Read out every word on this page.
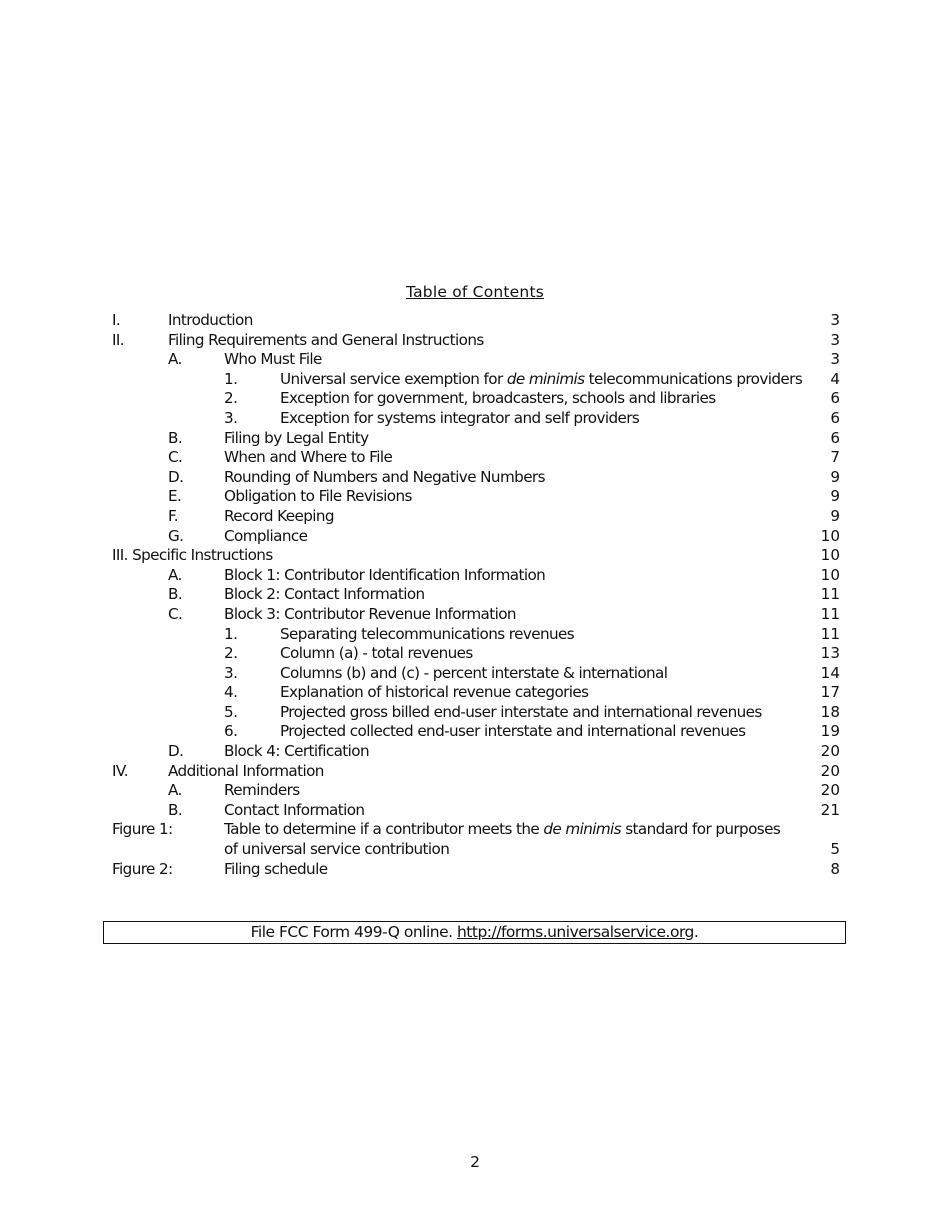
Table of Contents
I.	Introduction	3
II.	Filing Requirements and General Instructions	3
A.	Who Must File	3
1.	Universal service exemption for de minimis telecommunications providers 4
2.	Exception for government, broadcasters, schools and libraries	6
3.	Exception for systems integrator and self providers	6
B.	Filing by Legal Entity	6
C.	When and Where to File	7
D.	Rounding of Numbers and Negative Numbers	9
E.	Obligation to File Revisions	9
F.	Record Keeping	9
G.	Compliance	10
III. Specific Instructions	10
A.	Block 1: Contributor Identification Information	10
B.	Block 2: Contact Information	11
C.	Block 3: Contributor Revenue Information	11
1.	Separating telecommunications revenues	11
2.	Column (a) - total revenues	13
3.	Columns (b) and (c) - percent interstate & international	14
4.	Explanation of historical revenue categories	17
5.	Projected gross billed end-user interstate and international revenues	18
6.	Projected collected end-user interstate and international revenues	19
D.	Block 4: Certification	20
IV.	Additional Information	20
A.	Reminders	20
B.	Contact Information	21
Figure 1:	Table to determine if a contributor meets the de minimis standard for purposes
of universal service contribution	5
Figure 2:	Filing schedule	8
File FCC Form 499-Q online. http://forms.universalservice.org.
2
